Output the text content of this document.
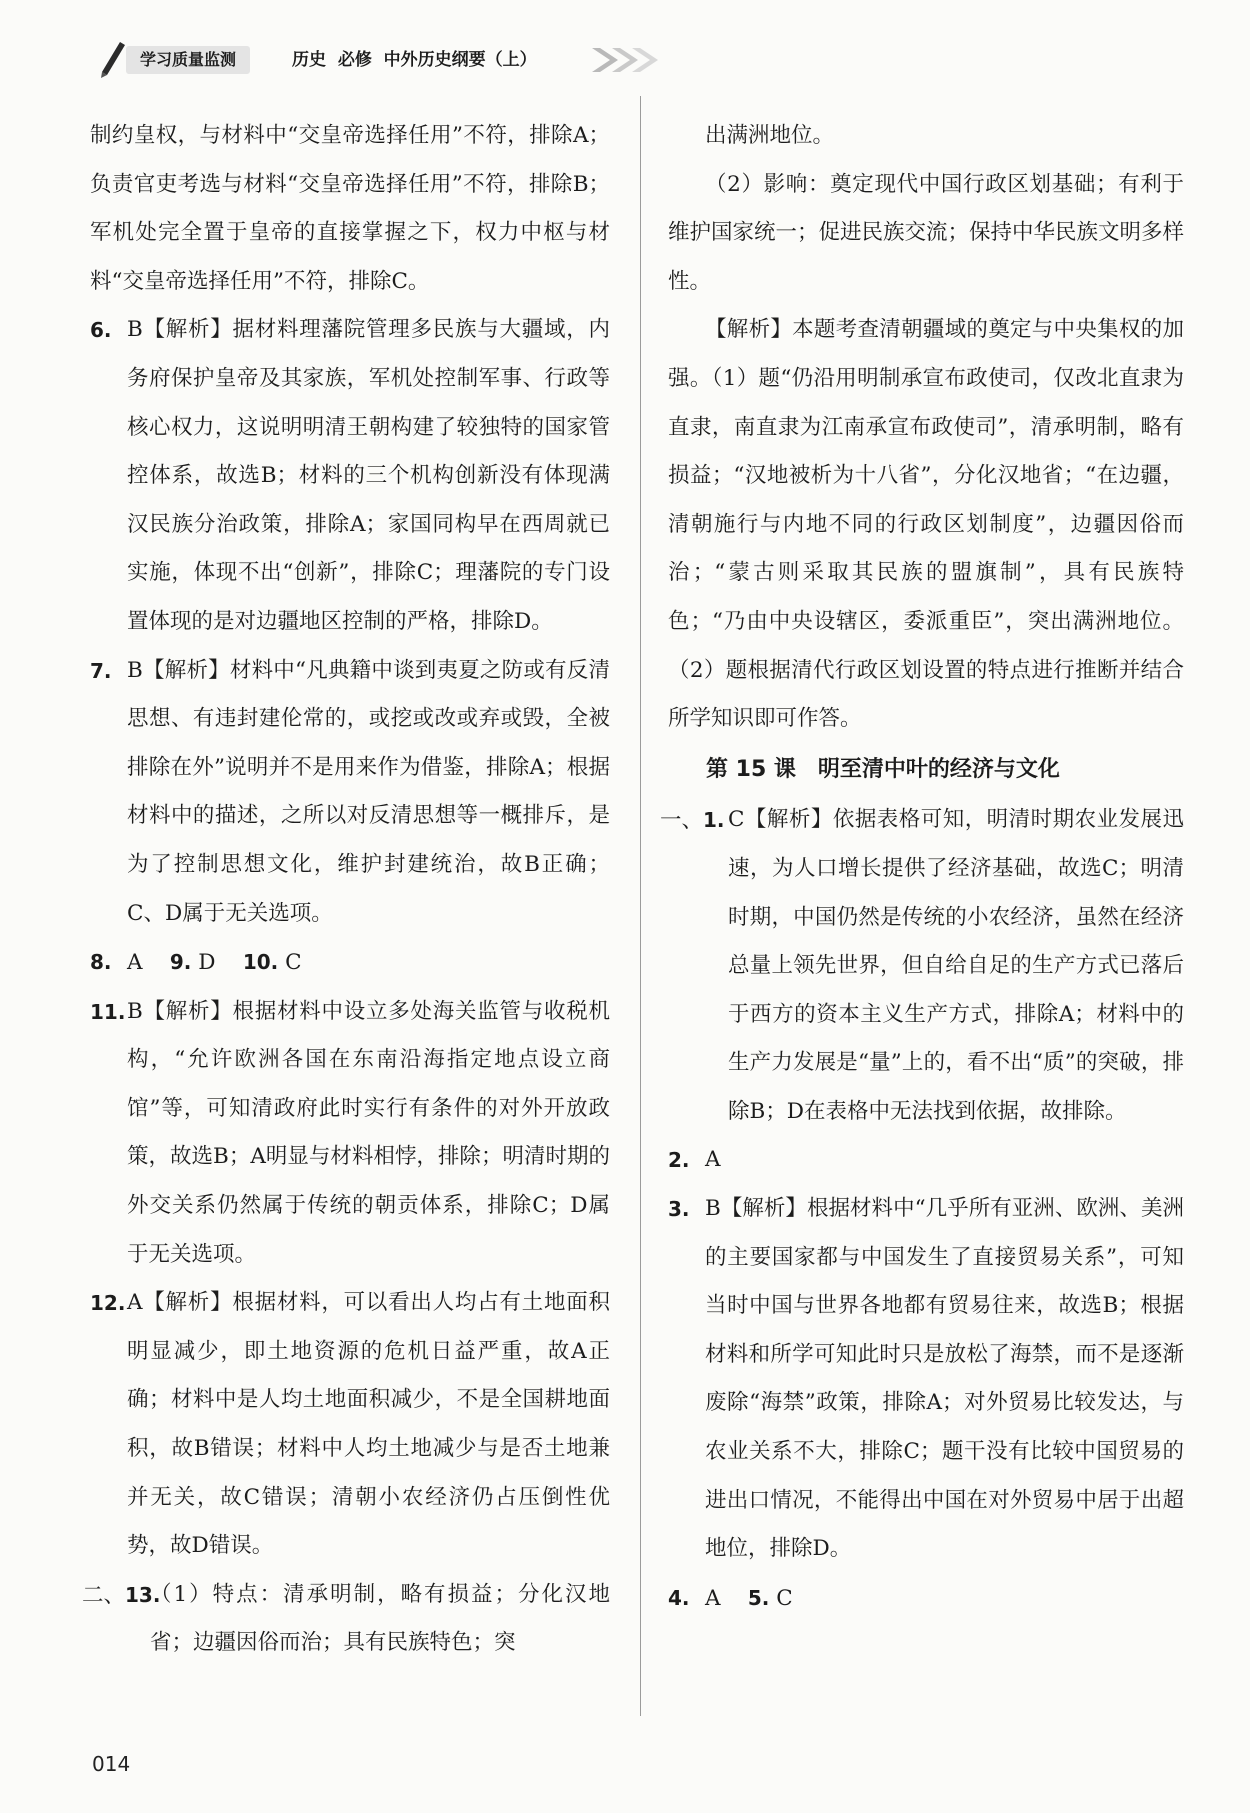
学习质量监测	历史  必修  中外历史纲要（上）

制约皇权，与材料中“交皇帝选择任用”不符，排除A；负责官吏考选与材料“交皇帝选择任用”不符，排除B；军机处完全置于皇帝的直接掌握之下，权力中枢与材料“交皇帝选择任用”不符，排除C。

6. B【解析】据材料理藩院管理多民族与大疆域，内务府保护皇帝及其家族，军机处控制军事、行政等核心权力，这说明明清王朝构建了较独特的国家管控体系，故选B；材料的三个机构创新没有体现满汉民族分治政策，排除A；家国同构早在西周就已实施，体现不出“创新”，排除C；理藩院的专门设置体现的是对边疆地区控制的严格，排除D。
7. B【解析】材料中“凡典籍中谈到夷夏之防或有反清思想、有违封建伦常的，或挖或改或弃或毁，全被排除在外”说明并不是用来作为借鉴，排除A；根据材料中的描述，之所以对反清思想等一概排斥，是为了控制思想文化，维护封建统治，故B正确；C、D属于无关选项。
8. A 9. D 10. C
11. B【解析】根据材料中设立多处海关监管与收税机构，“允许欧洲各国在东南沿海指定地点设立商馆”等，可知清政府此时实行有条件的对外开放政策，故选B；A明显与材料相悖，排除；明清时期的外交关系仍然属于传统的朝贡体系，排除C；D属于无关选项。
12. A【解析】根据材料，可以看出人均占有土地面积明显减少，即土地资源的危机日益严重，故A正确；材料中是人均土地面积减少，不是全国耕地面积，故B错误；材料中人均土地减少与是否土地兼并无关，故C错误；清朝小农经济仍占压倒性优势，故D错误。
二、13.
（1）特点：清承明制，略有损益；分化汉地省；边疆因俗而治；具有民族特色；突

出满洲地位。

（2）影响：奠定现代中国行政区划基础；有利于维护国家统一；促进民族交流；保持中华民族文明多样性。

【解析】本题考查清朝疆域的奠定与中央集权的加强。（1）题“仍沿用明制承宣布政使司，仅改北直隶为直隶，南直隶为江南承宣布政使司”，清承明制，略有损益；“汉地被析为十八省”，分化汉地省；“在边疆，清朝施行与内地不同的行政区划制度”，边疆因俗而治；“蒙古则采取其民族的盟旗制”，具有民族特色；“乃由中央设辖区，委派重臣”，突出满洲地位。（2）题根据清代行政区划设置的特点进行推断并结合所学知识即可作答。

第 15 课　明至清中叶的经济与文化
一、1. C【解析】依据表格可知，明清时期农业发展迅速，为人口增长提供了经济基础，故选C；明清时期，中国仍然是传统的小农经济，虽然在经济总量上领先世界，但自给自足的生产方式已落后于西方的资本主义生产方式，排除A；材料中的生产力发展是“量”上的，看不出“质”的突破，排除B；D在表格中无法找到依据，故排除。
2. A
3. B【解析】根据材料中“几乎所有亚洲、欧洲、美洲的主要国家都与中国发生了直接贸易关系”，可知当时中国与世界各地都有贸易往来，故选B；根据材料和所学可知此时只是放松了海禁，而不是逐渐废除“海禁”政策，排除A；对外贸易比较发达，与农业关系不大，排除C；题干没有比较中国贸易的进出口情况，不能得出中国在对外贸易中居于出超地位，排除D。
4. A 5. C
014
